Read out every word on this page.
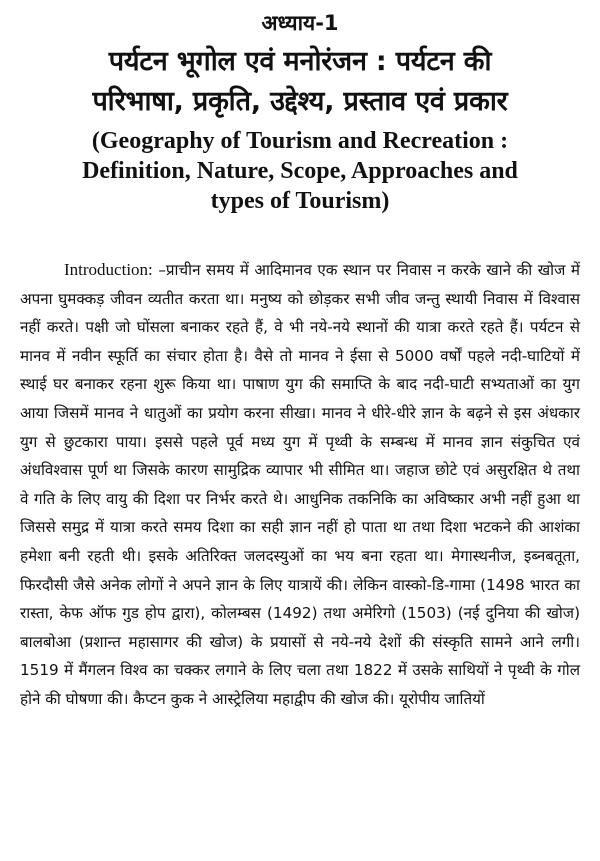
अध्याय-1
पर्यटन भूगोल एवं मनोरंजन : पर्यटन की
परिभाषा, प्रकृति, उद्देश्य, प्रस्ताव एवं प्रकार
(Geography of Tourism and Recreation :
Definition, Nature, Scope, Approaches and
types of Tourism)

Introduction: –प्राचीन समय में आदिमानव एक स्थान पर निवास न करके खाने की खोज में अपना घुमक्कड़ जीवन व्यतीत करता था। मनुष्य को छोड़कर सभी जीव जन्तु स्थायी निवास में विश्वास नहीं करते। पक्षी जो घोंसला बनाकर रहते हैं, वे भी नये-नये स्थानों की यात्रा करते रहते हैं। पर्यटन से मानव में नवीन स्फूर्ति का संचार होता है। वैसे तो मानव ने ईसा से 5000 वर्षों पहले नदी-घाटियों में स्थाई घर बनाकर रहना शुरू किया था। पाषाण युग की समाप्ति के बाद नदी-घाटी सभ्यताओं का युग आया जिसमें मानव ने धातुओं का प्रयोग करना सीखा। मानव ने धीरे-धीरे ज्ञान के बढ़ने से इस अंधकार युग से छुटकारा पाया। इससे पहले पूर्व मध्य युग में पृथ्वी के सम्बन्ध में मानव ज्ञान संकुचित एवं अंधविश्वास पूर्ण था जिसके कारण सामुद्रिक व्यापार भी सीमित था। जहाज छोटे एवं असुरक्षित थे तथा वे गति के लिए वायु की दिशा पर निर्भर करते थे। आधुनिक तकनिकि का अविष्कार अभी नहीं हुआ था जिससे समुद्र में यात्रा करते समय दिशा का सही ज्ञान नहीं हो पाता था तथा दिशा भटकने की आशंका हमेशा बनी रहती थी। इसके अतिरिक्त जलदस्युओं का भय बना रहता था। मेगास्थनीज, इब्नबतूता, फिरदौसी जैसे अनेक लोगों ने अपने ज्ञान के लिए यात्रायें की। लेकिन वास्को-डि-गामा (1498 भारत का रास्ता, केफ ऑफ गुड होप द्वारा), कोलम्बस (1492) तथा अमेरिगो (1503) (नई दुनिया की खोज) बालबोआ (प्रशान्त महासागर की खोज) के प्रयासों से नये-नये देशों की संस्कृति सामने आने लगी। 1519 में मैंगलन विश्व का चक्कर लगाने के लिए चला तथा 1822 में उसके साथियों ने पृथ्वी के गोल होने की घोषणा की। कैप्टन कुक ने आस्ट्रेलिया महाद्वीप की खोज की। यूरोपीय जातियों
